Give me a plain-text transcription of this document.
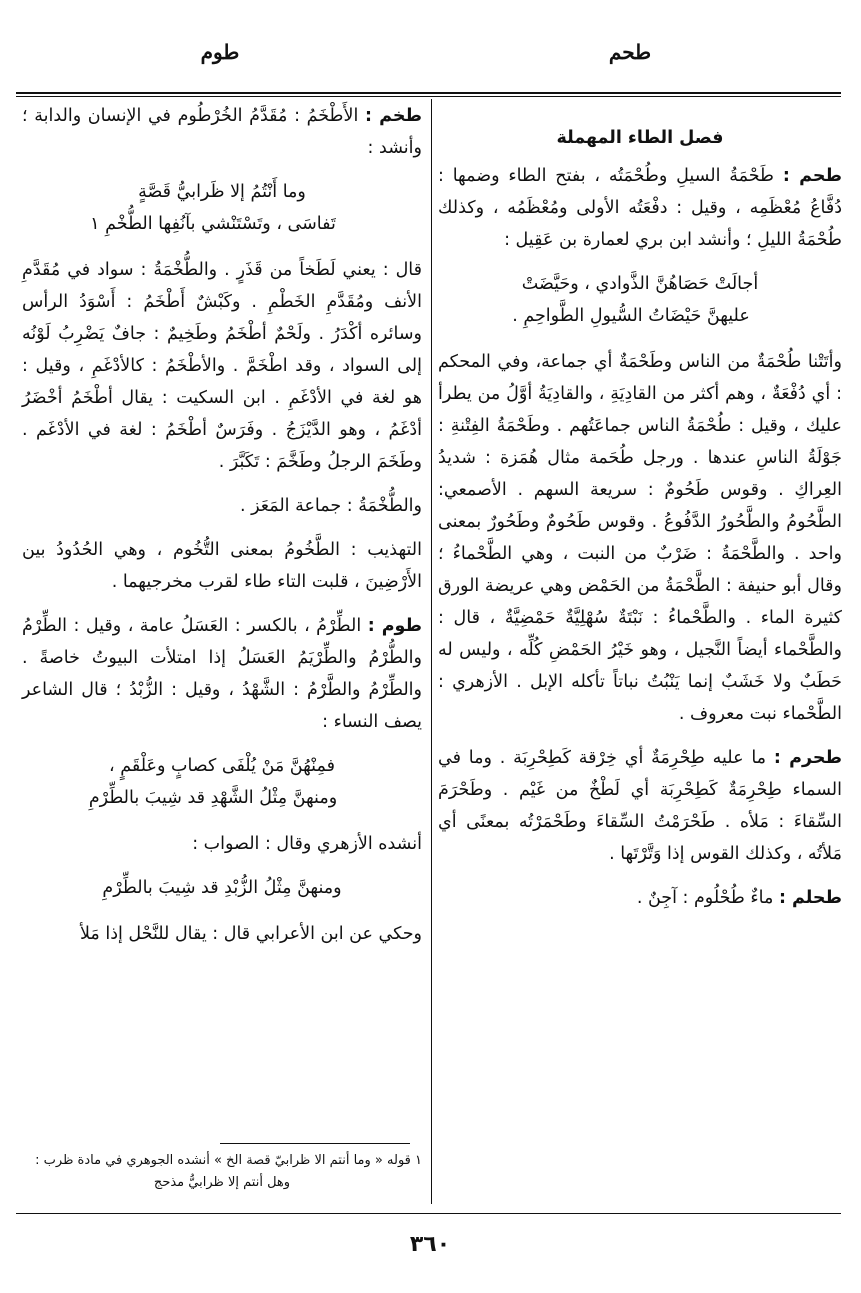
طحم
طوم

فصل الطاء المهملة

طحم : طَحْمَةُ السيلِ وطُحْمَتُه ، بفتح الطاء وضمها : دُفَّاعُ مُعْظَمِه ، وقيل : دفْعَتُه الأولى ومُعْظَمُه ، وكذلك طُحْمَةُ الليلِ ؛ وأنشد ابن بري لعمارة بن عَقِيل :

أجالَتْ حَصَاهُنَّ الذَّوادي ، وحَيَّضَتْ
عليهنَّ حَيْضَاتُ السُّيولِ الطَّواحِمِ .

وأتَتْنا طُحْمَةٌ من الناس وطَحْمَةٌ أي جماعة، وفي المحكم : أي دُفْعَةٌ ، وهم أكثر من القادِيَةِ ، والقادِيَةُ أوَّلُ من يطرأ عليك ، وقيل : طُحْمَةُ الناس جماعَتُهم . وطَحْمَةُ الفِتْنةِ : جَوْلَةُ الناسِ عندها . ورجل طُحَمة مثال هُمَزة : شديدُ العِراكِ . وقوس طَحُومٌ : سريعة السهم . الأصمعي: الطَّحُومُ والطَّحُورُ الدَّفُوعُ . وقوس طَحُومٌ وطَحُورٌ بمعنى واحد . والطَّحْمَةُ : ضَرْبٌ من النبت ، وهي الطَّحْماءُ ؛ وقال أبو حنيفة : الطَّحْمَةُ من الحَمْض وهي عريضة الورق كثيرة الماء . والطَّحْماءُ : نَبْتَةٌ سُهْلِيَّةٌ حَمْضِيَّةٌ ، قال : والطَّحْماء أيضاً النَّجيل ، وهو خَيْرُ الحَمْضِ كُلِّه ، وليس له حَطَبٌ ولا خَشَبٌ إنما يَنْبُتُ نباتاً تأكله الإبل . الأزهري : الطَّحْماء نبت معروف .

طحرم : ما عليه طِحْرِمَةٌ أي خِرْقة كَطِحْرِبَة . وما في السماء طِحْرِمَةٌ كَطِحْرِبَة أي لَطْخٌ من غَيْم . وطَحْرَمَ السِّقاءَ : مَلأه . طَحْرَمْتُ السِّقاءَ وطَحْمَرْتُه بمعنًى أي مَلأتُه ، وكذلك القوس إذا وَتَّرْتَها .

طحلم : ماءٌ طُحْلُوم : آجِنٌ .

طخم : الأَطْخَمُ : مُقَدَّمُ الخُرْطُوم في الإنسان والدابة ؛ وأنشد :

وما أَنْتُمُ إلا ظَرابيُّ قَصَّةٍ
تَفاسَى ، وتَسْتَنْشي بآنُفِها الطُّخْمِ ١

قال : يعني لَطَخاً من قَذَرٍ . والطُّخْمَةُ : سواد في مُقَدَّمِ الأنف ومُقَدَّمِ الخَطْمِ . وكَبْشٌ أَطْخَمُ : أَسْوَدُ الرأس وسائره أكْدَرُ . ولَحْمٌ أطْخَمُ وطَخِيمٌ : جافٌ يَضْرِبُ لَوْنُه إلى السواد ، وقد اطْخَمَّ . والأطْخَمُ : كالأدْغَمِ ، وقيل : هو لغة في الأدْغَمِ . ابن السكيت : يقال أطْخَمُ أخْضَرُ أدْغَمُ ، وهو الدَّيْزَجُ . وفَرَسٌ أطْخَمُ : لغة في الأدْغَم . وطَخَمَ الرجلُ وطَخَّمَ : تَكَبَّرَ .

والطُّخْمَةُ : جماعة المَعَز .

التهذيب : الطَّخُومُ بمعنى التُّخُوم ، وهي الحُدُودُ بين الأَرْضِينَ ، قلبت التاء طاء لقرب مخرجيهما .

طوم : الطِّرْمُ ، بالكسر : العَسَلُ عامة ، وقيل : الطِّرْمُ والطُّرْمُ والطِّرْيَمُ العَسَلُ إذا امتلأت البيوتُ خاصةً . والطِّرْمُ والطَّرْمُ : الشَّهْدُ ، وقيل : الزُّبْدُ ؛ قال الشاعر يصف النساء :

فمِنْهُنَّ مَنْ يُلْفَى كصابٍ وعَلْقَمٍ ،
ومنهنَّ مِثْلُ الشَّهْدِ قد شِيبَ بالطِّرْمِ

أنشده الأزهري وقال : الصواب :

ومنهنَّ مِثْلُ الزُّبْدِ قد شِيبَ بالطِّرْمِ

وحكي عن ابن الأعرابي قال : يقال للنَّحْل إذا مَلأ

١ قوله « وما أنتم الا ظرابيّ قصة الخ » أنشده الجوهري في مادة ظرب :
وهل أنتم إلا ظرابيُّ مذحج
٣٦٠
